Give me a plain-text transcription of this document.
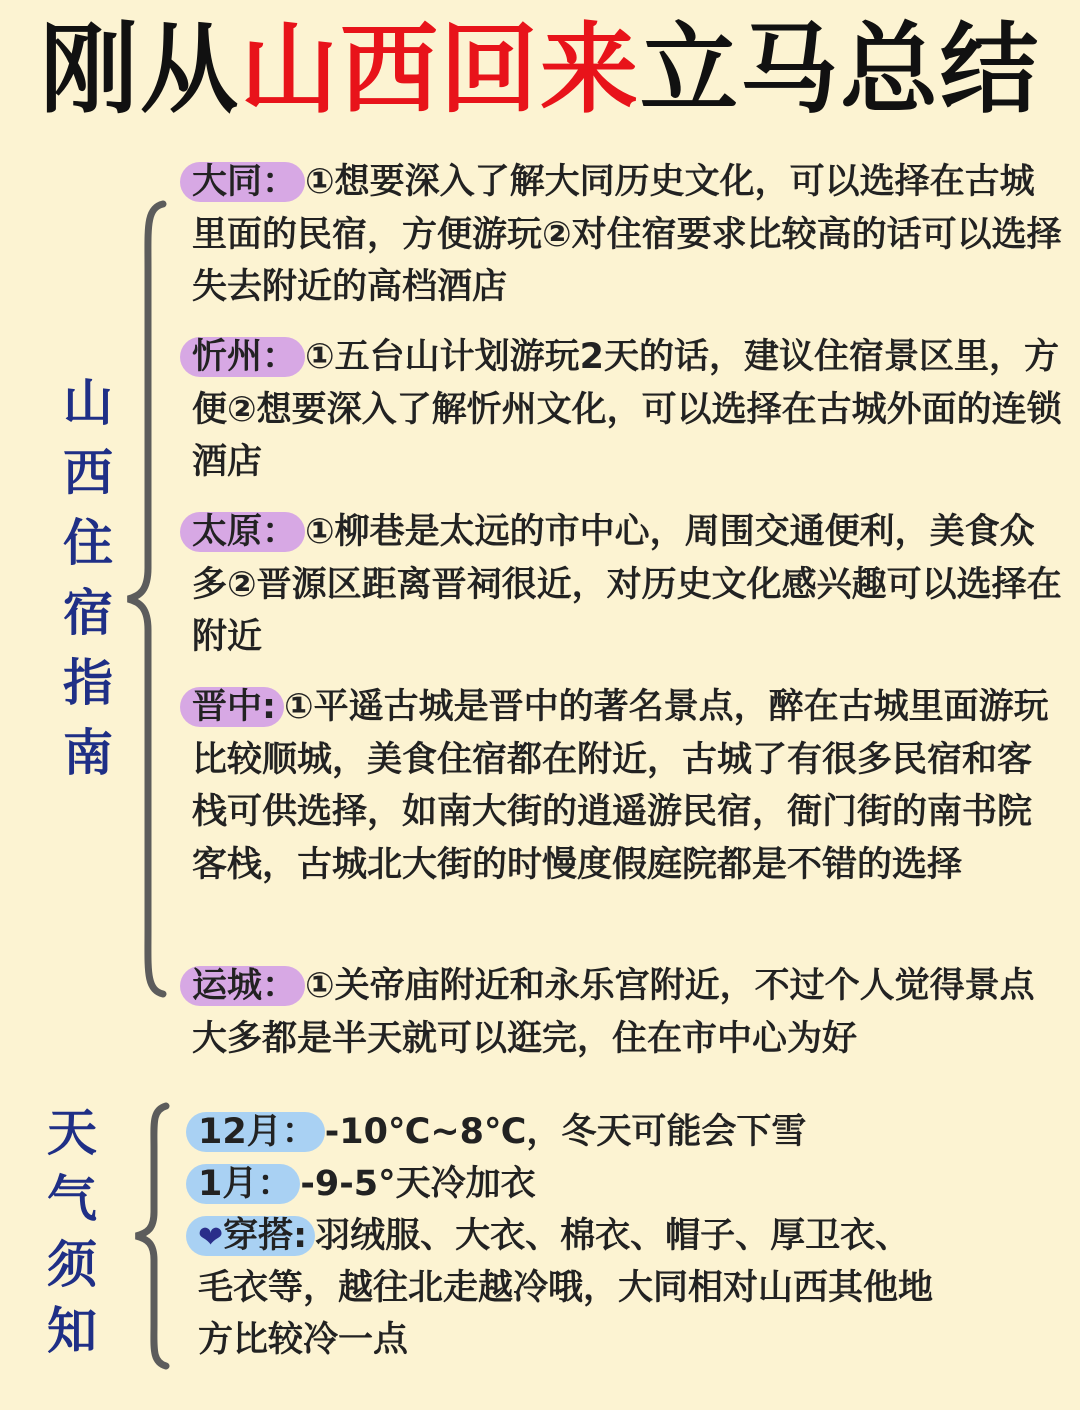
刚从山西回来立马总结
山
西
住
宿
指
南
大同： ①想要深入了解大同历史文化，可以选择在古城里面的民宿，方便游玩②对住宿要求比较高的话可以选择失去附近的高档酒店
忻州： ①五台山计划游玩2天的话，建议住宿景区里，方便②想要深入了解忻州文化，可以选择在古城外面的连锁酒店
太原： ①柳巷是太远的市中心，周围交通便利，美食众多②晋源区距离晋祠很近，对历史文化感兴趣可以选择在附近
晋中: ①平遥古城是晋中的著名景点，醉在古城里面游玩比较顺城，美食住宿都在附近，古城了有很多民宿和客栈可供选择，如南大街的逍遥游民宿，衙门街的南书院客栈，古城北大街的时慢度假庭院都是不错的选择
运城： ①关帝庙附近和永乐宫附近，不过个人觉得景点大多都是半天就可以逛完，住在市中心为好
天
气
须
知
12月： -10℃~8℃，冬天可能会下雪
1月： -9-5°天冷加衣
❤穿搭: 羽绒服、大衣、棉衣、帽子、厚卫衣、
毛衣等，越往北走越冷哦，大同相对山西其他地
方比较冷一点
